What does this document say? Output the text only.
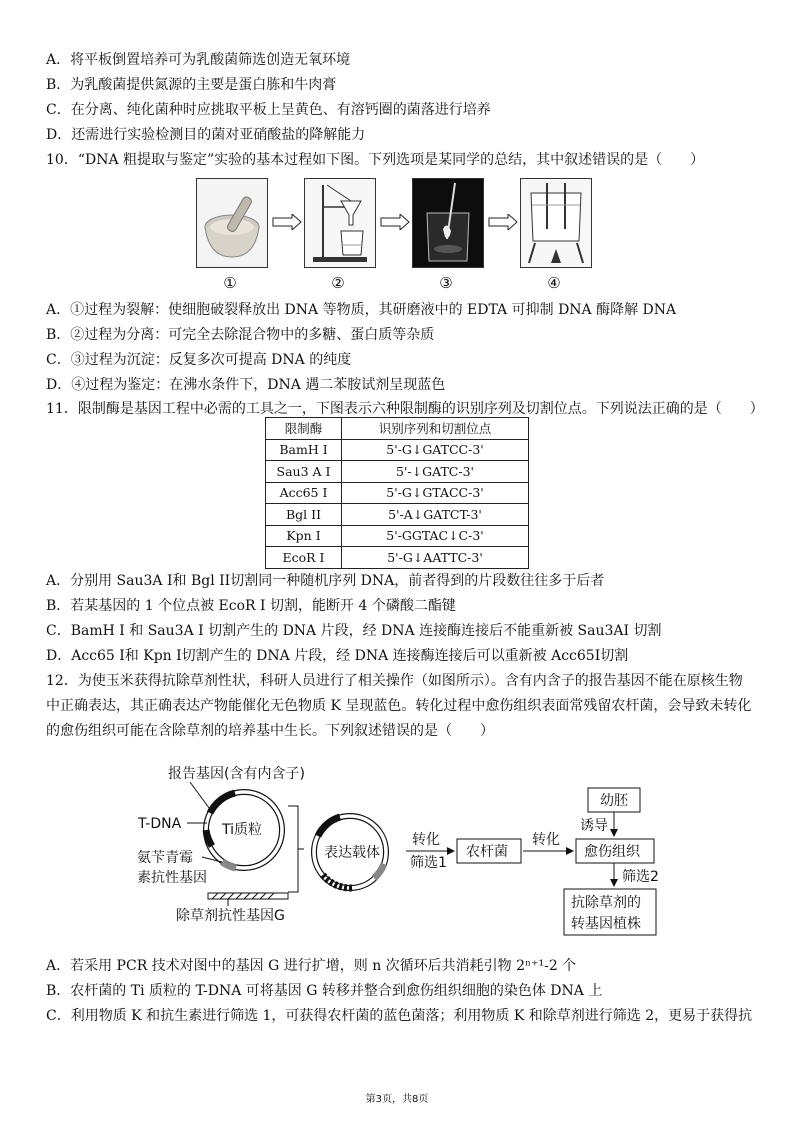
A．将平板倒置培养可为乳酸菌筛选创造无氧环境
B．为乳酸菌提供氮源的主要是蛋白胨和牛肉膏
C．在分离、纯化菌种时应挑取平板上呈黄色、有溶钙圈的菌落进行培养
D．还需进行实验检测目的菌对亚硝酸盐的降解能力
10．“DNA 粗提取与鉴定”实验的基本过程如下图。下列选项是某同学的总结，其中叙述错误的是（　　）
①	②	③	④
A．①过程为裂解：使细胞破裂释放出 DNA 等物质，其研磨液中的 EDTA 可抑制 DNA 酶降解 DNA
B．②过程为分离：可完全去除混合物中的多糖、蛋白质等杂质
C．③过程为沉淀：反复多次可提高 DNA 的纯度
D．④过程为鉴定：在沸水条件下，DNA 遇二苯胺试剂呈现蓝色
11．限制酶是基因工程中必需的工具之一，下图表示六种限制酶的识别序列及切割位点。下列说法正确的是（　　）
限制酶	识别序列和切割位点
BamH I	5'-G↓GATCC-3'
Sau3 A I	5'-↓GATC-3'
Acc65 I	5'-G↓GTACC-3'
Bgl II	5'-A↓GATCT-3'
Kpn I	5'-GGTAC↓C-3'
EcoR I	5'-G↓AATTC-3'
A．分别用 Sau3A I和 Bgl II切割同一种随机序列 DNA，前者得到的片段数往往多于后者
B．若某基因的 1 个位点被 EcoR I 切割，能断开 4 个磷酸二酯键
C．BamH I 和 Sau3A I 切割产生的 DNA 片段，经 DNA 连接酶连接后不能重新被 Sau3AI 切割
D．Acc65 I和 Kpn I切割产生的 DNA 片段，经 DNA 连接酶连接后可以重新被 Acc65I切割
12．为使玉米获得抗除草剂性状，科研人员进行了相关操作（如图所示）。含有内含子的报告基因不能在原核生物
中正确表达，其正确表达产物能催化无色物质 K 呈现蓝色。转化过程中愈伤组织表面常残留农杆菌，会导致未转化
的愈伤组织可能在含除草剂的培养基中生长。下列叙述错误的是（　　）
报告基因(含有内含子)
Ti质粒
T-DNA
氨苄青霉
素抗性基因
除草剂抗性基因G
表达载体
转化
筛选1
农杆菌
转化
愈伤组织
幼胚
诱导
筛选2
抗除草剂的
转基因植株
A．若采用 PCR 技术对图中的基因 G 进行扩增，则 n 次循环后共消耗引物 2ⁿ⁺¹-2 个
B．农杆菌的 Ti 质粒的 T-DNA 可将基因 G 转移并整合到愈伤组织细胞的染色体 DNA 上
C．利用物质 K 和抗生素进行筛选 1，可获得农杆菌的蓝色菌落；利用物质 K 和除草剂进行筛选 2，更易于获得抗
第3页，共8页
